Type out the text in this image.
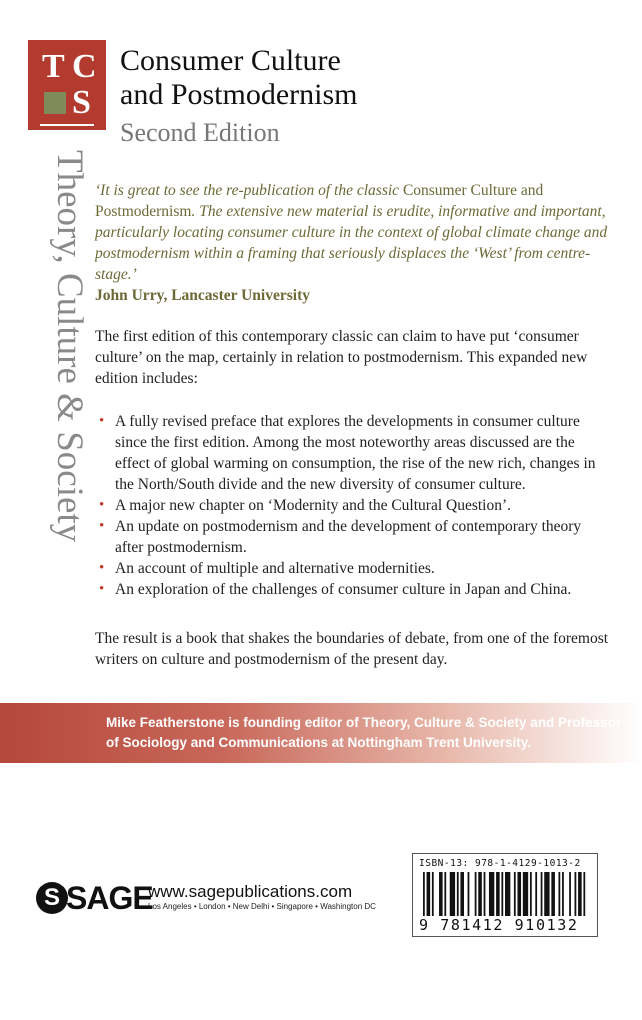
T C
S
Consumer Culture
and Postmodernism
Second Edition
Theory, Culture & Society ‘It is great to see the re-publication of the classic Consumer Culture and Postmodernism. The extensive new material is erudite, informative and important, particularly locating consumer culture in the context of global climate change and postmodernism within a framing that seriously displaces the ‘West’ from centre-stage.’

John Urry, Lancaster University

The first edition of this contemporary classic can claim to have put ‘consumer culture’ on the map, certainly in relation to postmodernism. This expanded new edition includes:

• A fully revised preface that explores the developments in consumer culture since the first edition. Among the most noteworthy areas discussed are the effect of global warming on consumption, the rise of the new rich, changes in the North/South divide and the new diversity of consumer culture.
• A major new chapter on ‘Modernity and the Cultural Question’.
• An update on postmodernism and the development of contemporary theory after postmodernism.
• An account of multiple and alternative modernities.
• An exploration of the challenges of consumer culture in Japan and China.

The result is a book that shakes the boundaries of debate, from one of the foremost writers on culture and postmodernism of the present day.

Mike Featherstone is founding editor of Theory, Culture & Society and Professor of Sociology and Communications at Nottingham Trent University.

S SAGE
www.sagepublications.com
Los Angeles • London • New Delhi • Singapore • Washington DC
ISBN-13: 978-1-4129-1013-2
9 781412 910132
